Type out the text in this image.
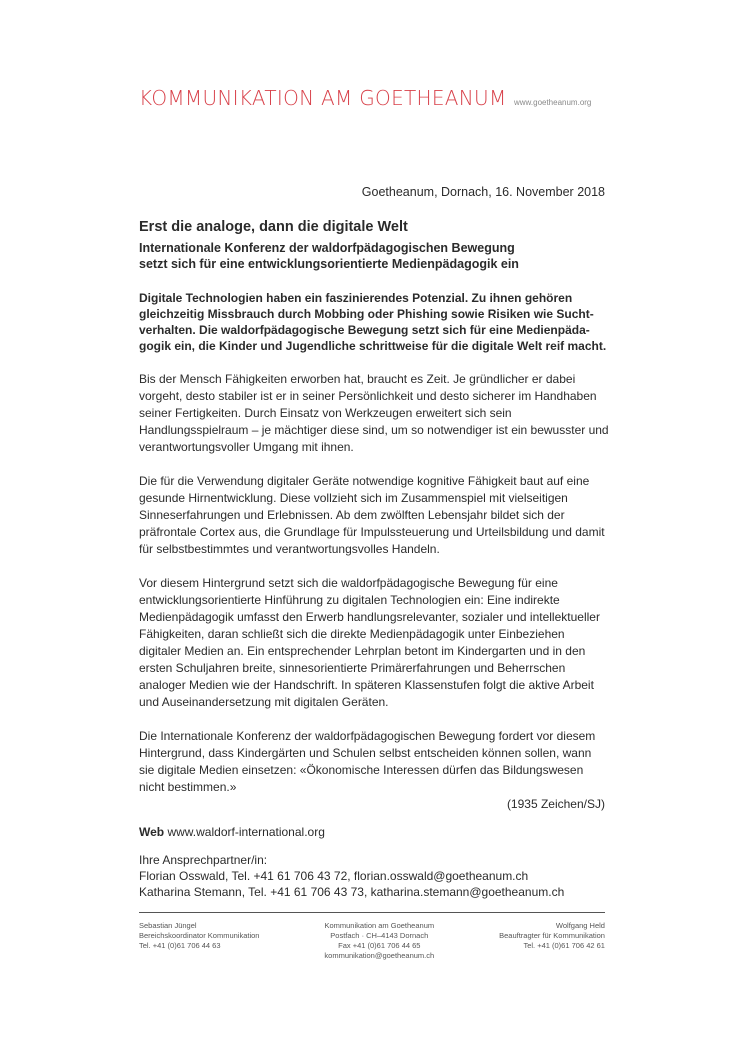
KOMMUNIKATION AM GOETHEANUM www.goetheanum.org
Goetheanum, Dornach, 16. November 2018
Erst die analoge, dann die digitale Welt
Internationale Konferenz der waldorfpädagogischen Bewegung
setzt sich für eine entwicklungsorientierte Medienpädagogik ein

Digitale Technologien haben ein faszinierendes Potenzial. Zu ihnen gehören gleichzeitig Missbrauch durch Mobbing oder Phishing sowie Risiken wie Suchtverhalten. Die waldorfpädagogische Bewegung setzt sich für eine Medienpädagogik ein, die Kinder und Jugendliche schrittweise für die digitale Welt reif macht.

Bis der Mensch Fähigkeiten erworben hat, braucht es Zeit. Je gründlicher er dabei vorgeht, desto stabiler ist er in seiner Persönlichkeit und desto sicherer im Handhaben seiner Fertigkeiten. Durch Einsatz von Werkzeugen erweitert sich sein Handlungsspielraum – je mächtiger diese sind, um so notwendiger ist ein bewusster und verantwortungsvoller Umgang mit ihnen.

Die für die Verwendung digitaler Geräte notwendige kognitive Fähigkeit baut auf eine gesunde Hirnentwicklung. Diese vollzieht sich im Zusammenspiel mit vielseitigen Sinneserfahrungen und Erlebnissen. Ab dem zwölften Lebensjahr bildet sich der präfrontale Cortex aus, die Grundlage für Impulssteuerung und Urteilsbildung und damit für selbstbestimmtes und verantwortungsvolles Handeln.

Vor diesem Hintergrund setzt sich die waldorfpädagogische Bewegung für eine entwicklungsorientierte Hinführung zu digitalen Technologien ein: Eine indirekte Medienpädagogik umfasst den Erwerb handlungsrelevanter, sozialer und intellektueller Fähigkeiten, daran schließt sich die direkte Medienpädagogik unter Einbeziehen digitaler Medien an. Ein entsprechender Lehrplan betont im Kindergarten und in den ersten Schuljahren breite, sinnesorientierte Primärerfahrungen und Beherrschen analoger Medien wie der Handschrift. In späteren Klassenstufen folgt die aktive Arbeit und Auseinandersetzung mit digitalen Geräten.

Die Internationale Konferenz der waldorfpädagogischen Bewegung fordert vor diesem Hintergrund, dass Kindergärten und Schulen selbst entscheiden können sollen, wann sie digitale Medien einsetzen: «Ökonomische Interessen dürfen das Bildungswesen nicht bestimmen.»

(1935 Zeichen/SJ)
Web www.waldorf-international.org
Ihre Ansprechpartner/in:
Florian Osswald, Tel. +41 61 706 43 72, florian.osswald@goetheanum.ch
Katharina Stemann, Tel. +41 61 706 43 73, katharina.stemann@goetheanum.ch
Sebastian Jüngel
Bereichskoordinator Kommunikation
Tel. +41 (0)61 706 44 63
Kommunikation am Goetheanum
Postfach · CH–4143 Dornach
Fax +41 (0)61 706 44 65
kommunikation@goetheanum.ch
Wolfgang Held
Beauftragter für Kommunikation
Tel. +41 (0)61 706 42 61
